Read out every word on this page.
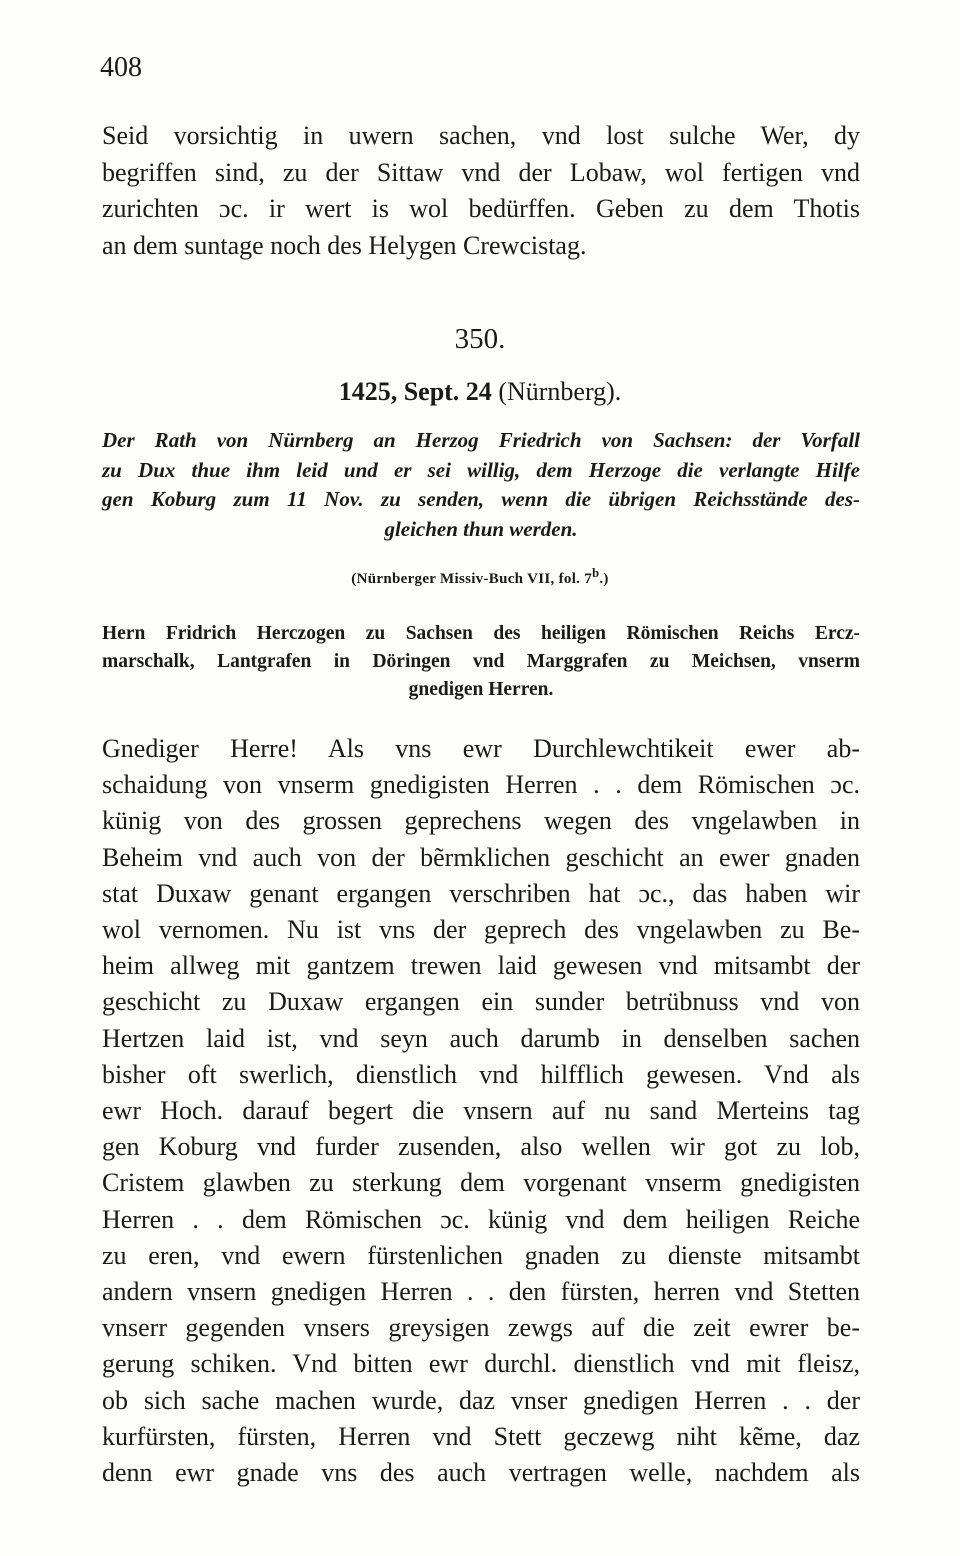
408
Seid vorsichtig in uwern sachen, vnd lost sulche Wer, dy
begriffen sind, zu der Sittaw vnd der Lobaw, wol fertigen vnd
zurichten ɔc. ir wert is wol bedürffen. Geben zu dem Thotis
an dem suntage noch des Helygen Crewcistag.
350.
1425, Sept. 24 (Nürnberg).
Der Rath von Nürnberg an Herzog Friedrich von Sachsen: der Vorfall
zu Dux thue ihm leid und er sei willig, dem Herzoge die verlangte Hilfe
gen Koburg zum 11 Nov. zu senden, wenn die übrigen Reichsstände des-
gleichen thun werden.
(Nürnberger Missiv-Buch VII, fol. 7$^b$.)
Hern Fridrich Herczogen zu Sachsen des heiligen Römischen Reichs Ercz-
marschalk, Lantgrafen in Döringen vnd Marggrafen zu Meichsen, vnserm
gnedigen Herren.
Gnediger Herre! Als vns ewr Durchlewchtikeit ewer ab-
schaidung von vnserm gnedigisten Herren . . dem Römischen ɔc.
künig von des grossen geprechens wegen des vngelawben in
Beheim vnd auch von der bẽrmklichen geschicht an ewer gnaden
stat Duxaw genant ergangen verschriben hat ɔc., das haben wir
wol vernomen. Nu ist vns der geprech des vngelawben zu Be-
heim allweg mit gantzem trewen laid gewesen vnd mitsambt der
geschicht zu Duxaw ergangen ein sunder betrübnuss vnd von
Hertzen laid ist, vnd seyn auch darumb in denselben sachen
bisher oft swerlich, dienstlich vnd hilfflich gewesen. Vnd als
ewr Hoch. darauf begert die vnsern auf nu sand Merteins tag
gen Koburg vnd furder zusenden, also wellen wir got zu lob,
Cristem glawben zu sterkung dem vorgenant vnserm gnedigisten
Herren . . dem Römischen ɔc. künig vnd dem heiligen Reiche
zu eren, vnd ewern fürstenlichen gnaden zu dienste mitsambt
andern vnsern gnedigen Herren . . den fürsten, herren vnd Stetten
vnserr gegenden vnsers greysigen zewgs auf die zeit ewrer be-
gerung schiken. Vnd bitten ewr durchl. dienstlich vnd mit fleisz,
ob sich sache machen wurde, daz vnser gnedigen Herren . . der
kurfürsten, fürsten, Herren vnd Stett geczewg niht kẽme, daz
denn ewr gnade vns des auch vertragen welle, nachdem als
